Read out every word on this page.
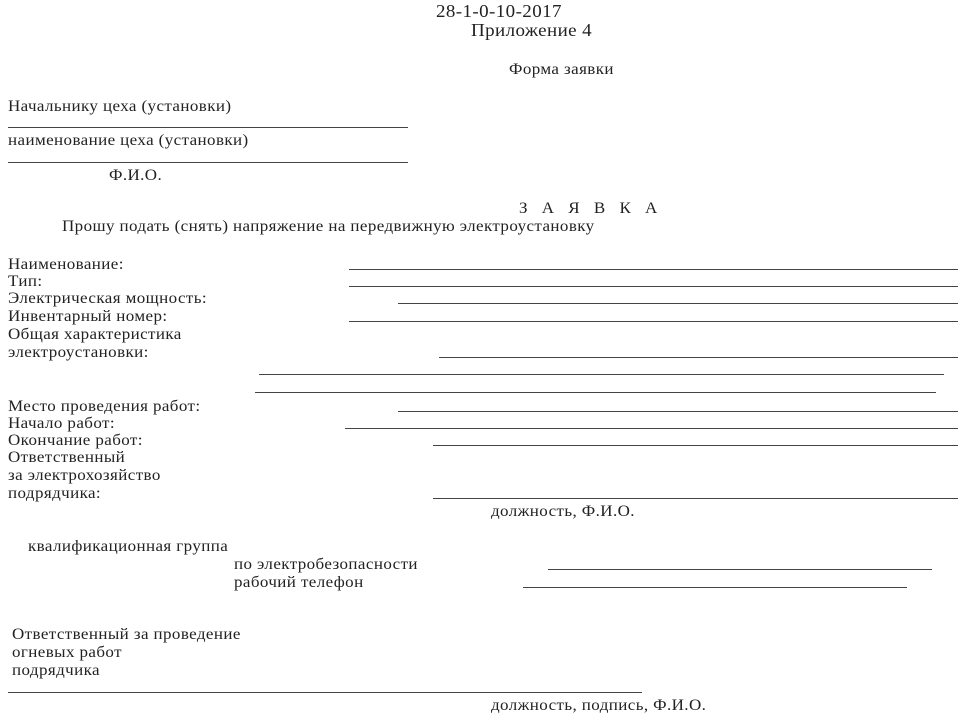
28-1-0-10-2017
Приложение 4
Форма заявки
Начальнику цеха (установки)
наименование цеха (установки)
Ф.И.О.
З А Я В К А
Прошу подать (снять) напряжение на передвижную электроустановку
Наименование:
Тип:
Электрическая мощность:
Инвентарный номер:
Общая характеристика
электроустановки:
Место проведения работ:
Начало работ:
Окончание работ:
Ответственный
за электрохозяйство
подрядчика:
должность, Ф.И.О.
квалификационная группа
по электробезопасности
рабочий телефон
Ответственный за проведение
огневых работ
подрядчика
должность, подпись, Ф.И.О.
